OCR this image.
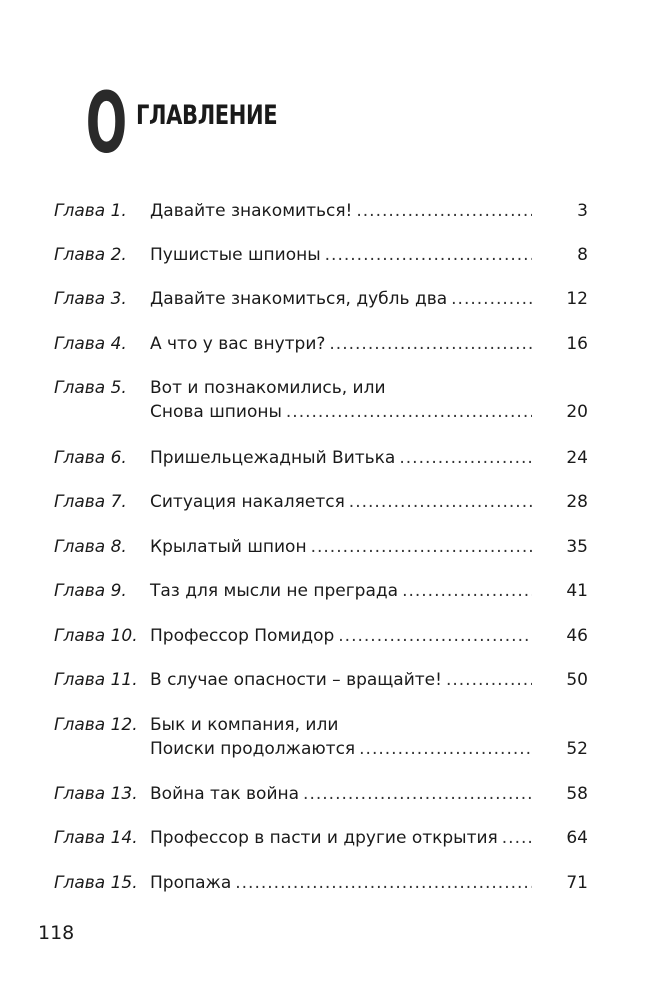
О ГЛАВЛЕНИЕ
Глава 1.	Давайте знакомиться! .....	3
Глава 2.	Пушистые шпионы .....	8
Глава 3.	Давайте знакомиться, дубль два .....	12
Глава 4.	А что у вас внутри? .....	16
Глава 5.	Вот и познакомились, или
Снова шпионы .....	20
Глава 6.	Пришельцежадный Витька .....	24
Глава 7.	Ситуация накаляется .....	28
Глава 8.	Крылатый шпион .....	35
Глава 9.	Таз для мысли не преграда .....	41
Глава 10. Профессор Помидор .....	46
Глава 11. В случае опасности – вращайте! .....	50
Глава 12. Бык и компания, или
Поиски продолжаются .....	52
Глава 13. Война так война .....	58
Глава 14. Профессор в пасти и другие открытия .....	64
Глава 15. Пропажа .....	71
118
